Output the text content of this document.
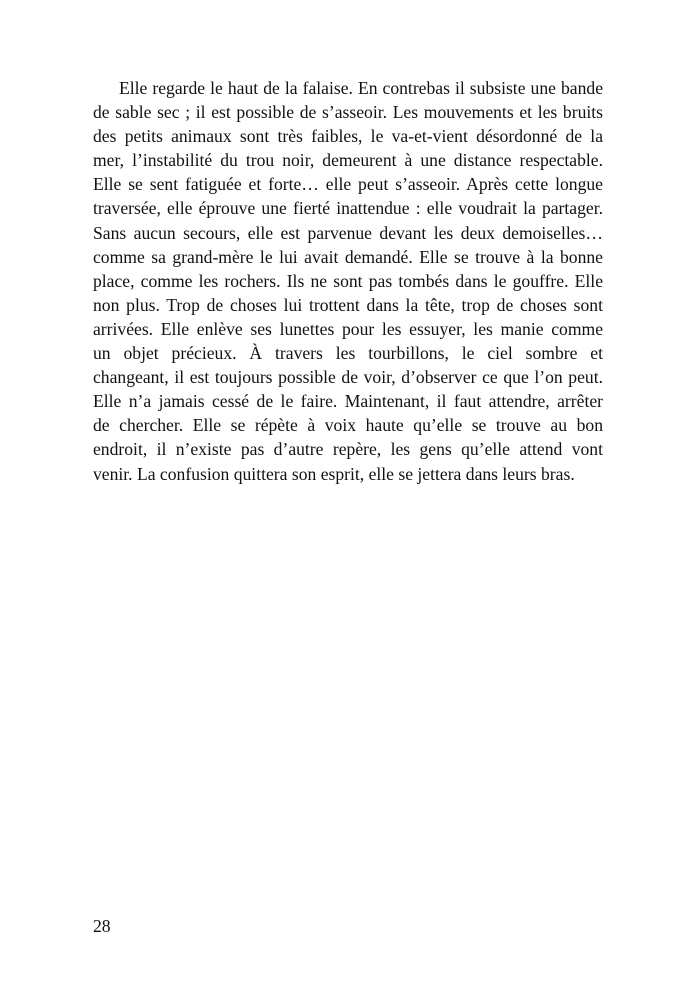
Elle regarde le haut de la falaise. En contrebas il subsiste une bande
de sable sec ; il est possible de s’asseoir. Les mouvements et les bruits
des petits animaux sont très faibles, le va-et-vient désordonné de la
mer, l’instabilité du trou noir, demeurent à une distance respectable.
Elle se sent fatiguée et forte… elle peut s’asseoir. Après cette longue
traversée, elle éprouve une fierté inattendue : elle voudrait la partager.
Sans aucun secours, elle est parvenue devant les deux demoiselles…
comme sa grand-mère le lui avait demandé. Elle se trouve à la bonne
place, comme les rochers. Ils ne sont pas tombés dans le gouffre. Elle
non plus. Trop de choses lui trottent dans la tête, trop de choses sont
arrivées. Elle enlève ses lunettes pour les essuyer, les manie comme
un objet précieux. À travers les tourbillons, le ciel sombre et
changeant, il est toujours possible de voir, d’observer ce que l’on peut.
Elle n’a jamais cessé de le faire. Maintenant, il faut attendre, arrêter
de chercher. Elle se répète à voix haute qu’elle se trouve au bon
endroit, il n’existe pas d’autre repère, les gens qu’elle attend vont
venir. La confusion quittera son esprit, elle se jettera dans leurs bras.

28
